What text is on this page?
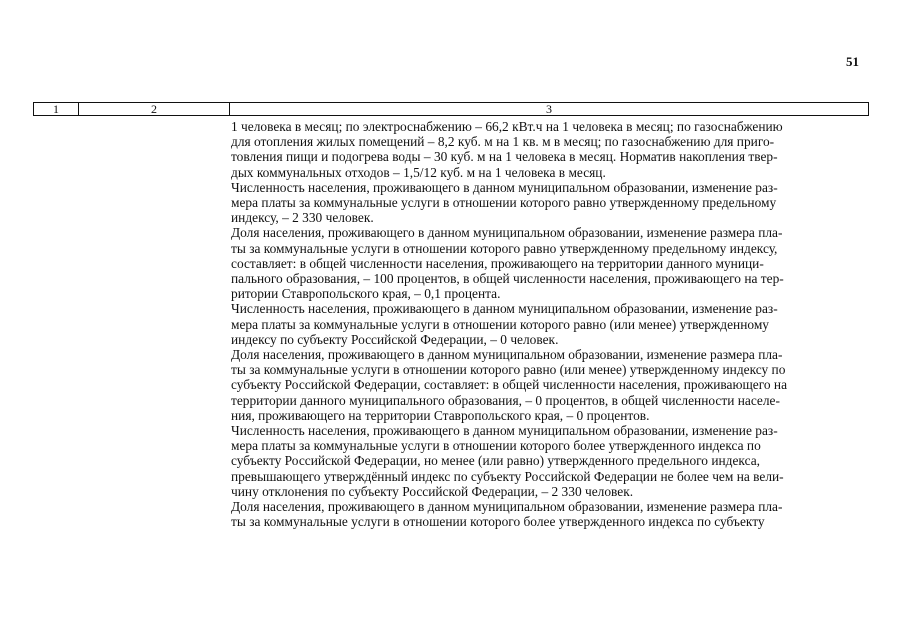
51
1	2	3

1 человека в месяц; по электроснабжению – 66,2 кВт.ч на 1 человека в месяц; по газоснабжению
для отопления жилых помещений – 8,2 куб. м на 1 кв. м в месяц; по газоснабжению для приго-
товления пищи и подогрева воды – 30 куб. м на 1 человека в месяц. Норматив накопления твер-
дых коммунальных отходов – 1,5/12 куб. м на 1 человека в месяц.

Численность населения, проживающего в данном муниципальном образовании, изменение раз-
мера платы за коммунальные услуги в отношении которого равно утвержденному предельному
индексу, – 2 330 человек.

Доля населения, проживающего в данном муниципальном образовании, изменение размера пла-
ты за коммунальные услуги в отношении которого равно утвержденному предельному индексу,
составляет: в общей численности населения, проживающего на территории данного муници-
пального образования, – 100 процентов, в общей численности населения, проживающего на тер-
ритории Ставропольского края, – 0,1 процента.

Численность населения, проживающего в данном муниципальном образовании, изменение раз-
мера платы за коммунальные услуги в отношении которого равно (или менее) утвержденному
индексу по субъекту Российской Федерации, – 0 человек.

Доля населения, проживающего в данном муниципальном образовании, изменение размера пла-
ты за коммунальные услуги в отношении которого равно (или менее) утвержденному индексу по
субъекту Российской Федерации, составляет: в общей численности населения, проживающего на
территории данного муниципального образования, – 0 процентов, в общей численности населе-
ния, проживающего на территории Ставропольского края, – 0 процентов.

Численность населения, проживающего в данном муниципальном образовании, изменение раз-
мера платы за коммунальные услуги в отношении которого более утвержденного индекса по
субъекту Российской Федерации, но менее (или равно) утвержденного предельного индекса,
превышающего утверждённый индекс по субъекту Российской Федерации не более чем на вели-
чину отклонения по субъекту Российской Федерации, – 2 330 человек.

Доля населения, проживающего в данном муниципальном образовании, изменение размера пла-
ты за коммунальные услуги в отношении которого более утвержденного индекса по субъекту
